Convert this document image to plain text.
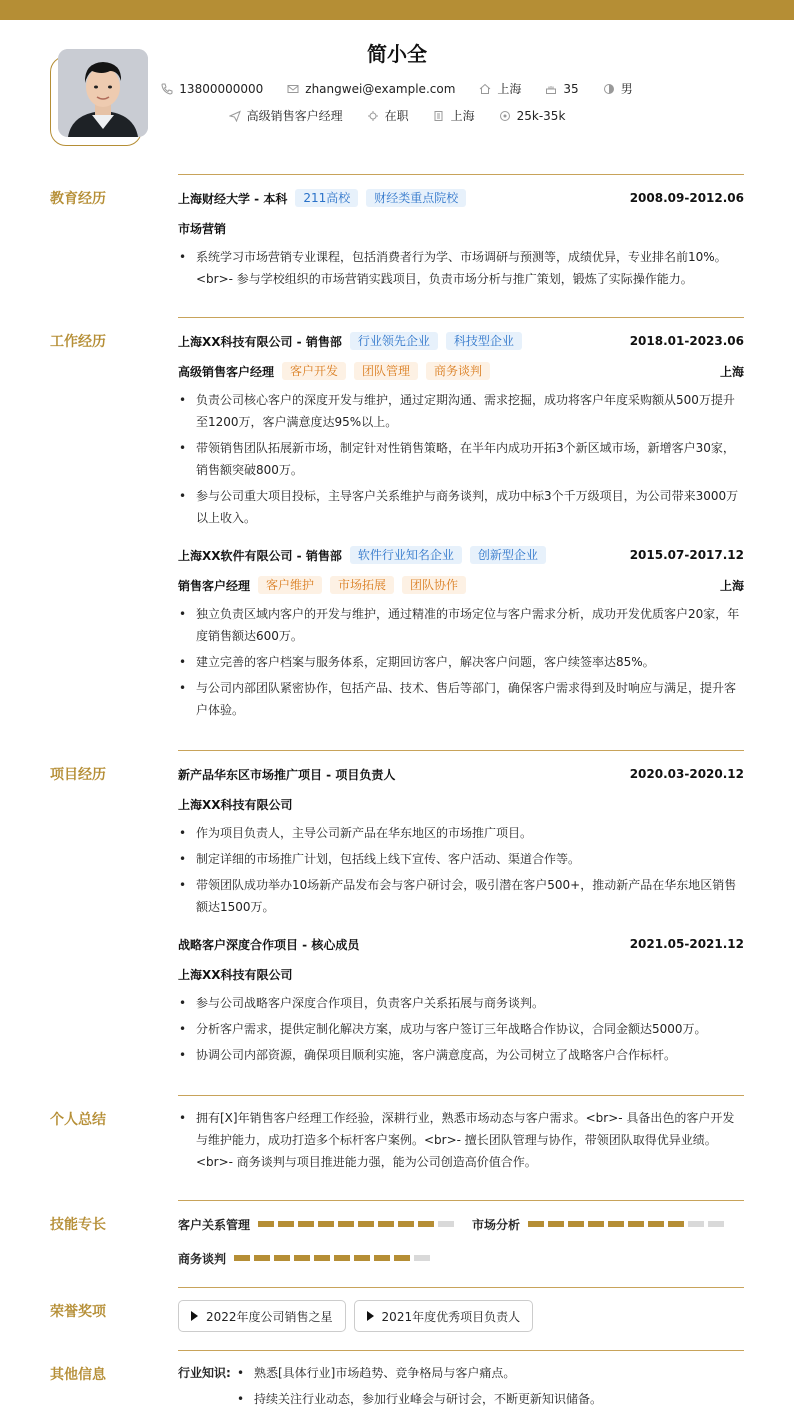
简小全
13800000000	zhangwei@example.com	上海	35	男
高级销售客户经理	在职	上海	25k-35k
教育经历	上海财经大学 - 本科	211高校	财经类重点院校	2008.09-2012.06
市场营销
• 系统学习市场营销专业课程，包括消费者行为学、市场调研与预测等，成绩优异，专业排名前10%。<br>- 参与学校组织的市场营销实践项目，负责市场分析与推广策划，锻炼了实际操作能力。
工作经历	上海XX科技有限公司 - 销售部	行业领先企业	科技型企业	2018.01-2023.06
高级销售客户经理	客户开发	团队管理	商务谈判	上海
• 负责公司核心客户的深度开发与维护，通过定期沟通、需求挖掘，成功将客户年度采购额从500万提升至1200万，客户满意度达95%以上。
• 带领销售团队拓展新市场，制定针对性销售策略，在半年内成功开拓3个新区域市场，新增客户30家，销售额突破800万。
• 参与公司重大项目投标，主导客户关系维护与商务谈判，成功中标3个千万级项目，为公司带来3000万以上收入。
上海XX软件有限公司 - 销售部	软件行业知名企业	创新型企业	2015.07-2017.12
销售客户经理	客户维护	市场拓展	团队协作	上海
• 独立负责区域内客户的开发与维护，通过精准的市场定位与客户需求分析，成功开发优质客户20家，年度销售额达600万。
• 建立完善的客户档案与服务体系，定期回访客户，解决客户问题，客户续签率达85%。
• 与公司内部团队紧密协作，包括产品、技术、售后等部门，确保客户需求得到及时响应与满足，提升客户体验。
项目经历	新产品华东区市场推广项目 - 项目负责人	2020.03-2020.12
上海XX科技有限公司
• 作为项目负责人，主导公司新产品在华东地区的市场推广项目。
• 制定详细的市场推广计划，包括线上线下宣传、客户活动、渠道合作等。
• 带领团队成功举办10场新产品发布会与客户研讨会，吸引潜在客户500+，推动新产品在华东地区销售额达1500万。
战略客户深度合作项目 - 核心成员	2021.05-2021.12
上海XX科技有限公司
• 参与公司战略客户深度合作项目，负责客户关系拓展与商务谈判。
• 分析客户需求，提供定制化解决方案，成功与客户签订三年战略合作协议，合同金额达5000万。
• 协调公司内部资源，确保项目顺利实施，客户满意度高，为公司树立了战略客户合作标杆。
个人总结	• 拥有[X]年销售客户经理工作经验，深耕行业，熟悉市场动态与客户需求。<br>- 具备出色的客户开发与维护能力，成功打造多个标杆客户案例。<br>- 擅长团队管理与协作，带领团队取得优异业绩。<br>- 商务谈判与项目推进能力强，能为公司创造高价值合作。
技能专长	客户关系管理	市场分析
商务谈判
荣誉奖项	2022年度公司销售之星	2021年度优秀项目负责人
其他信息	行业知识:	• 熟悉[具体行业]市场趋势、竞争格局与客户痛点。
• 持续关注行业动态，参加行业峰会与研讨会，不断更新知识储备。
